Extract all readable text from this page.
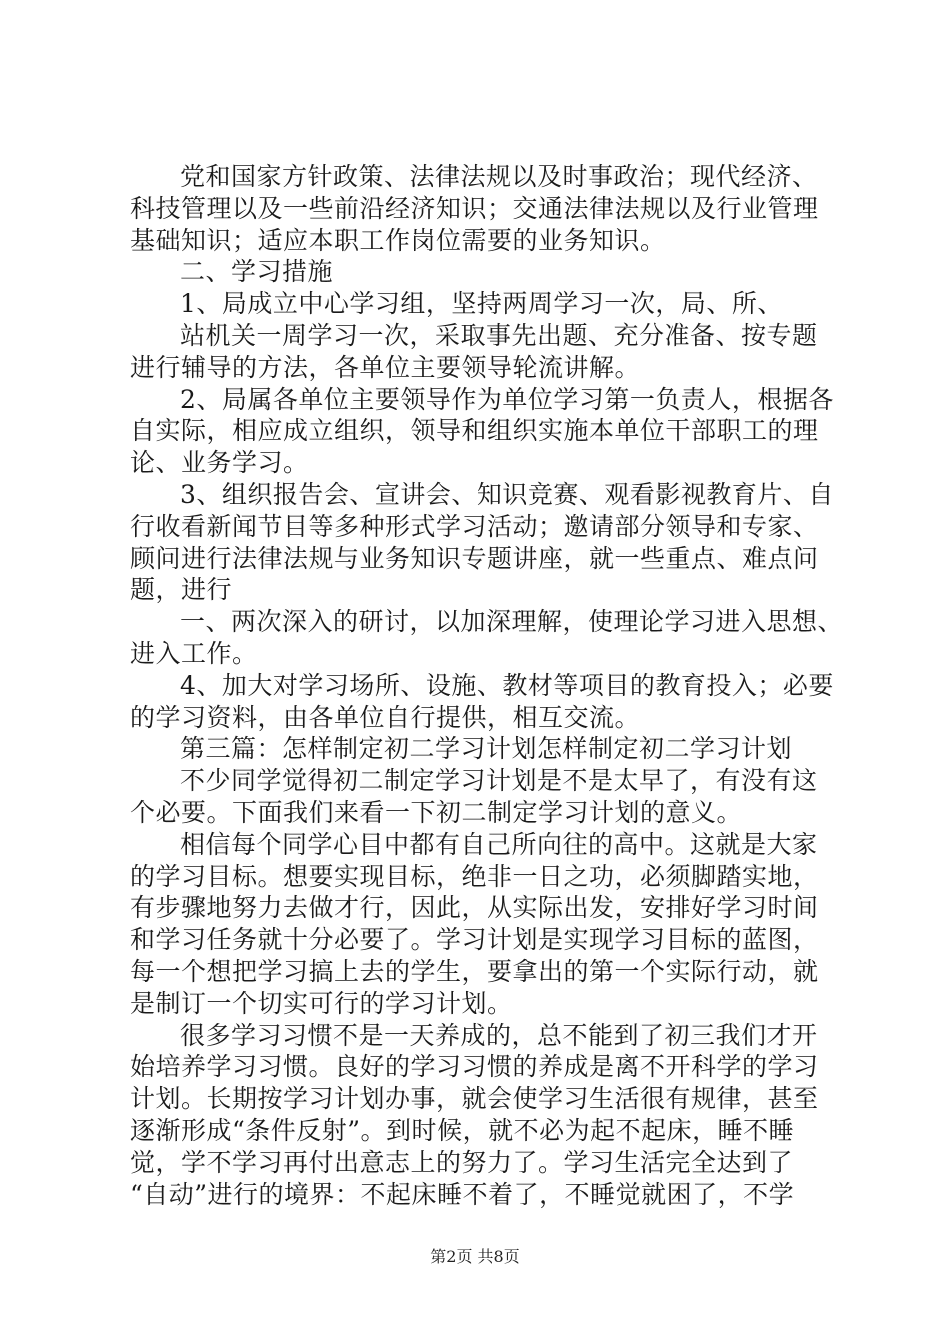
党和国家方针政策、法律法规以及时事政治；现代经济、
科技管理以及一些前沿经济知识；交通法律法规以及行业管理
基础知识；适应本职工作岗位需要的业务知识。
二、学习措施
1、局成立中心学习组，坚持两周学习一次，局、所、
站机关一周学习一次，采取事先出题、充分准备、按专题
进行辅导的方法，各单位主要领导轮流讲解。
2、局属各单位主要领导作为单位学习第一负责人，根据各
自实际，相应成立组织，领导和组织实施本单位干部职工的理
论、业务学习。
3、组织报告会、宣讲会、知识竞赛、观看影视教育片、自
行收看新闻节目等多种形式学习活动；邀请部分领导和专家、
顾问进行法律法规与业务知识专题讲座，就一些重点、难点问
题，进行
一、两次深入的研讨，以加深理解，使理论学习进入思想、
进入工作。
4、加大对学习场所、设施、教材等项目的教育投入；必要
的学习资料，由各单位自行提供，相互交流。
第三篇：怎样制定初二学习计划怎样制定初二学习计划
不少同学觉得初二制定学习计划是不是太早了，有没有这
个必要。下面我们来看一下初二制定学习计划的意义。
相信每个同学心目中都有自己所向往的高中。这就是大家
的学习目标。想要实现目标，绝非一日之功，必须脚踏实地，
有步骤地努力去做才行，因此，从实际出发，安排好学习时间
和学习任务就十分必要了。学习计划是实现学习目标的蓝图，
每一个想把学习搞上去的学生，要拿出的第一个实际行动，就
是制订一个切实可行的学习计划。
很多学习习惯不是一天养成的，总不能到了初三我们才开
始培养学习习惯。良好的学习习惯的养成是离不开科学的学习
计划。长期按学习计划办事，就会使学习生活很有规律，甚至
逐渐形成“条件反射”。到时候，就不必为起不起床，睡不睡
觉，学不学习再付出意志上的努力了。学习生活完全达到了
“自动”进行的境界：不起床睡不着了，不睡觉就困了，不学
第2页 共8页
